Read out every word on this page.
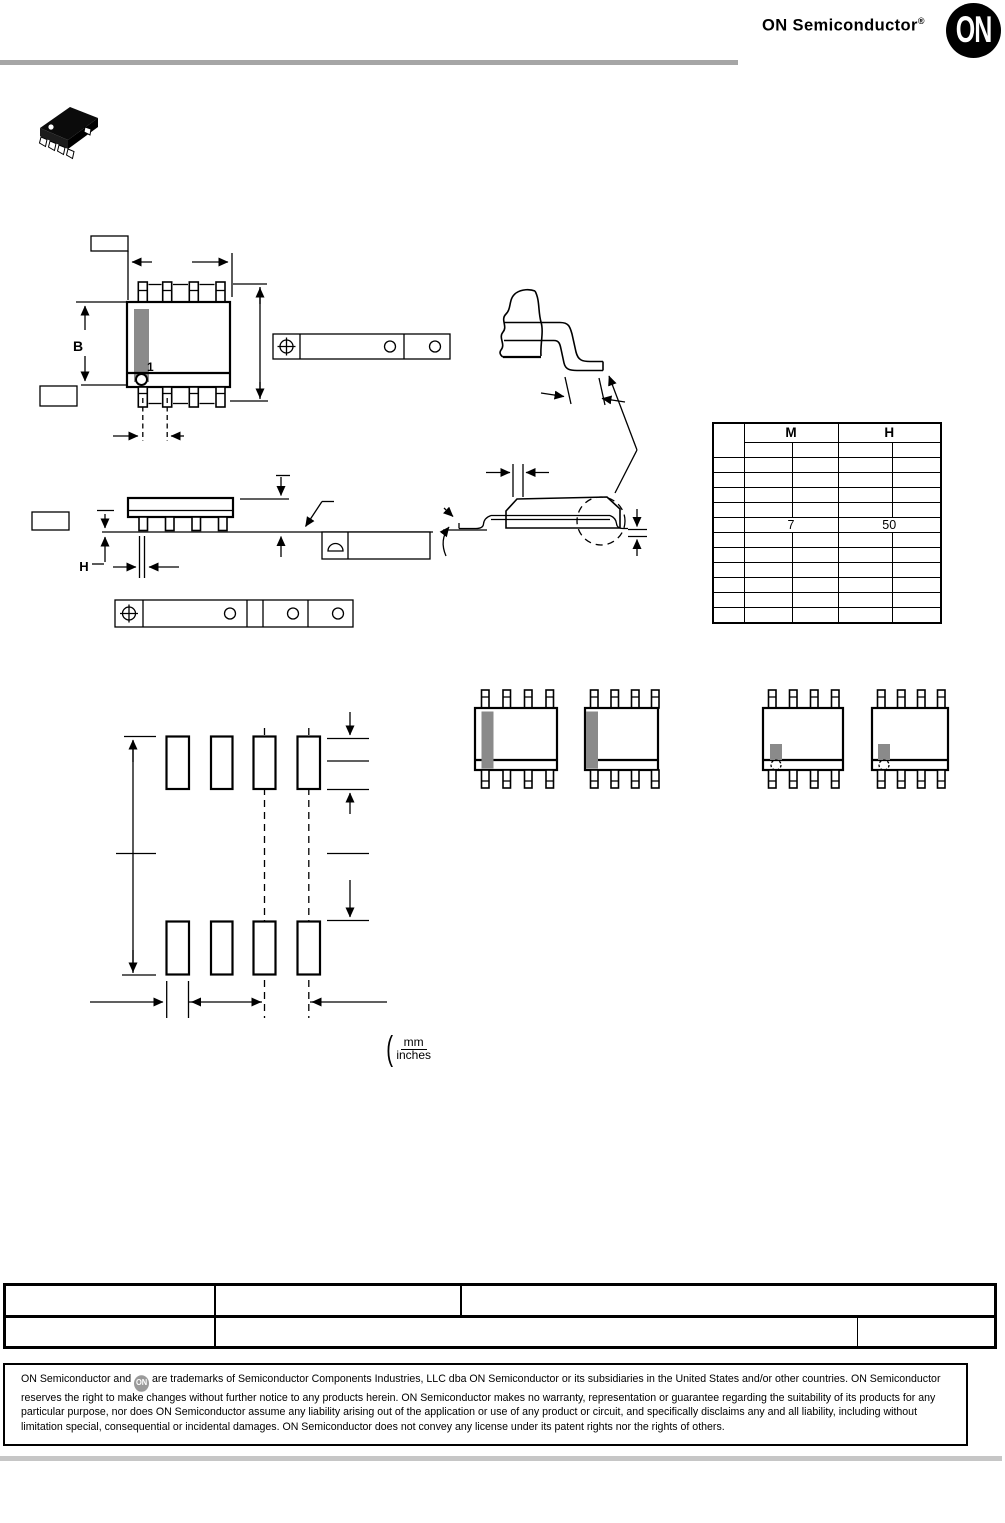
ON Semiconductor® ON
1
B
H
	M		H	

	7		50	

( $\frac{mm}{\text{inches}}$
ON Semiconductor and ON are trademarks of Semiconductor Components Industries, LLC dba ON Semiconductor or its subsidiaries in the United States and/or other countries. ON Semiconductor reserves the right to make changes without further notice to any products herein. ON Semiconductor makes no warranty, representation or guarantee regarding the suitability of its products for any particular purpose, nor does ON Semiconductor assume any liability arising out of the application or use of any product or circuit, and specifically disclaims any and all liability, including without limitation special, consequential or incidental damages. ON Semiconductor does not convey any license under its patent rights nor the rights of others.
